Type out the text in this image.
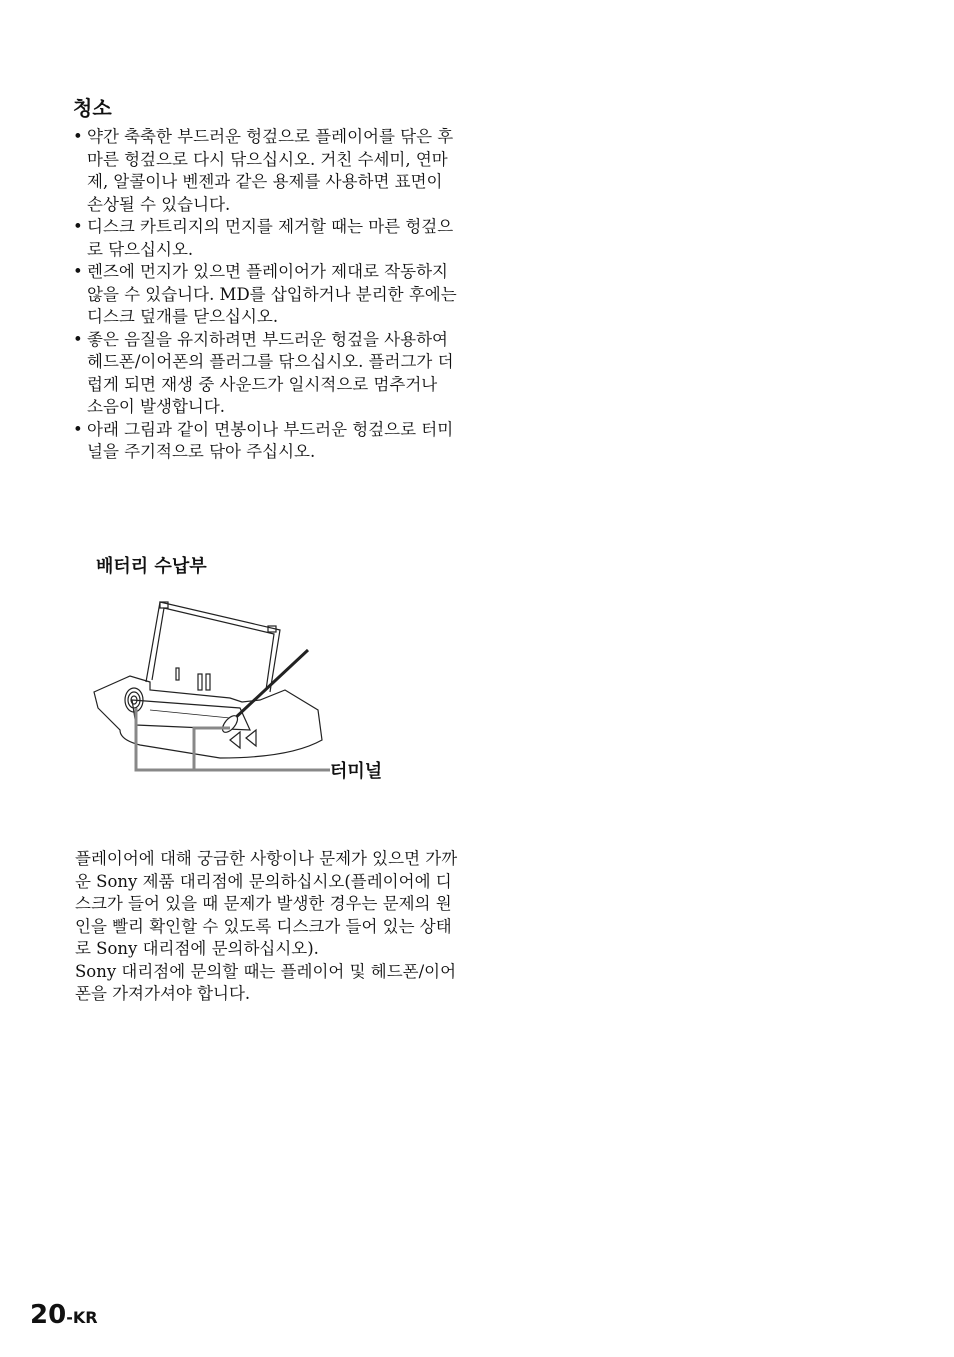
청소
• 약간 축축한 부드러운 헝겊으로 플레이어를 닦은 후 마른 헝겊으로 다시 닦으십시오. 거친 수세미, 연마제, 알콜이나 벤젠과 같은 용제를 사용하면 표면이 손상될 수 있습니다.
• 디스크 카트리지의 먼지를 제거할 때는 마른 헝겊으로 닦으십시오.
• 렌즈에 먼지가 있으면 플레이어가 제대로 작동하지 않을 수 있습니다. MD를 삽입하거나 분리한 후에는 디스크 덮개를 닫으십시오.
• 좋은 음질을 유지하려면 부드러운 헝겊을 사용하여 헤드폰/이어폰의 플러그를 닦으십시오. 플러그가 더럽게 되면 재생 중 사운드가 일시적으로 멈추거나 소음이 발생합니다.
• 아래 그림과 같이 면봉이나 부드러운 헝겊으로 터미널을 주기적으로 닦아 주십시오.
배터리 수납부
터미널

플레이어에 대해 궁금한 사항이나 문제가 있으면 가까운 Sony 제품 대리점에 문의하십시오(플레이어에 디스크가 들어 있을 때 문제가 발생한 경우는 문제의 원인을 빨리 확인할 수 있도록 디스크가 들어 있는 상태로 Sony 대리점에 문의하십시오).

Sony 대리점에 문의할 때는 플레이어 및 헤드폰/이어폰을 가져가셔야 합니다.

20-KR
